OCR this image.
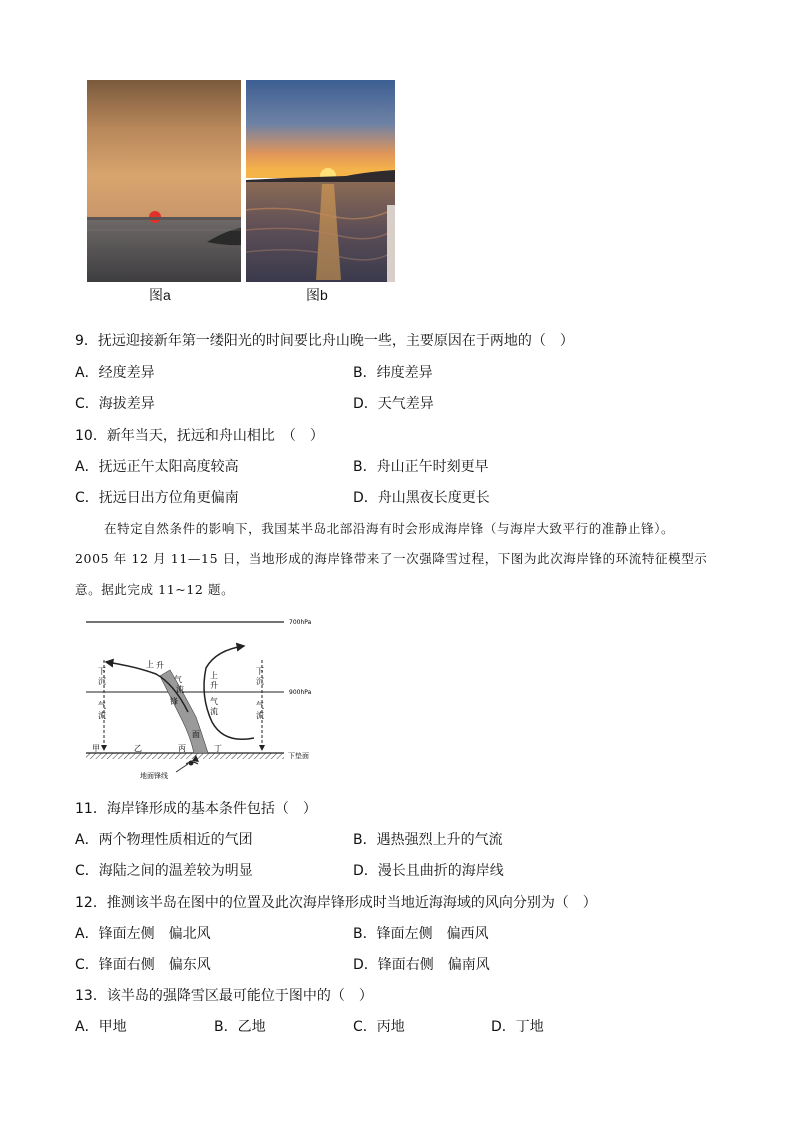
图a	图b
9．抚远迎接新年第一缕阳光的时间要比舟山晚一些，主要原因在于两地的（　）
A．经度差异	B．纬度差异
C．海拔差异	D．天气差异
10．新年当天，抚远和舟山相比　（　）
A．抚远正午太阳高度较高	B．舟山正午时刻更早
C．抚远日出方位角更偏南	D．舟山黑夜长度更长
在特定自然条件的影响下，我国某半岛北部沿海有时会形成海岸锋（与海岸大致平行的准静止锋）。
2005 年 12 月 11—15 日，当地形成的海岸锋带来了一次强降雪过程，下图为此次海岸锋的环流特征模型示
意。据此完成 11~12 题。
700hPa
900hPa
下垫面
下
沉
气
流
下
沉
气
流
上 升
气
流
上
升
气
流
锋
面
甲	乙	丙	丁
地面锋线
11．海岸锋形成的基本条件包括（　）
A．两个物理性质相近的气团	B．遇热强烈上升的气流
C．海陆之间的温差较为明显	D．漫长且曲折的海岸线
12．推测该半岛在图中的位置及此次海岸锋形成时当地近海海域的风向分别为（　）
A．锋面左侧　偏北风	B．锋面左侧　偏西风
C．锋面右侧　偏东风	D．锋面右侧　偏南风
13．该半岛的强降雪区最可能位于图中的（　）
A．甲地	B．乙地	C．丙地	D．丁地
